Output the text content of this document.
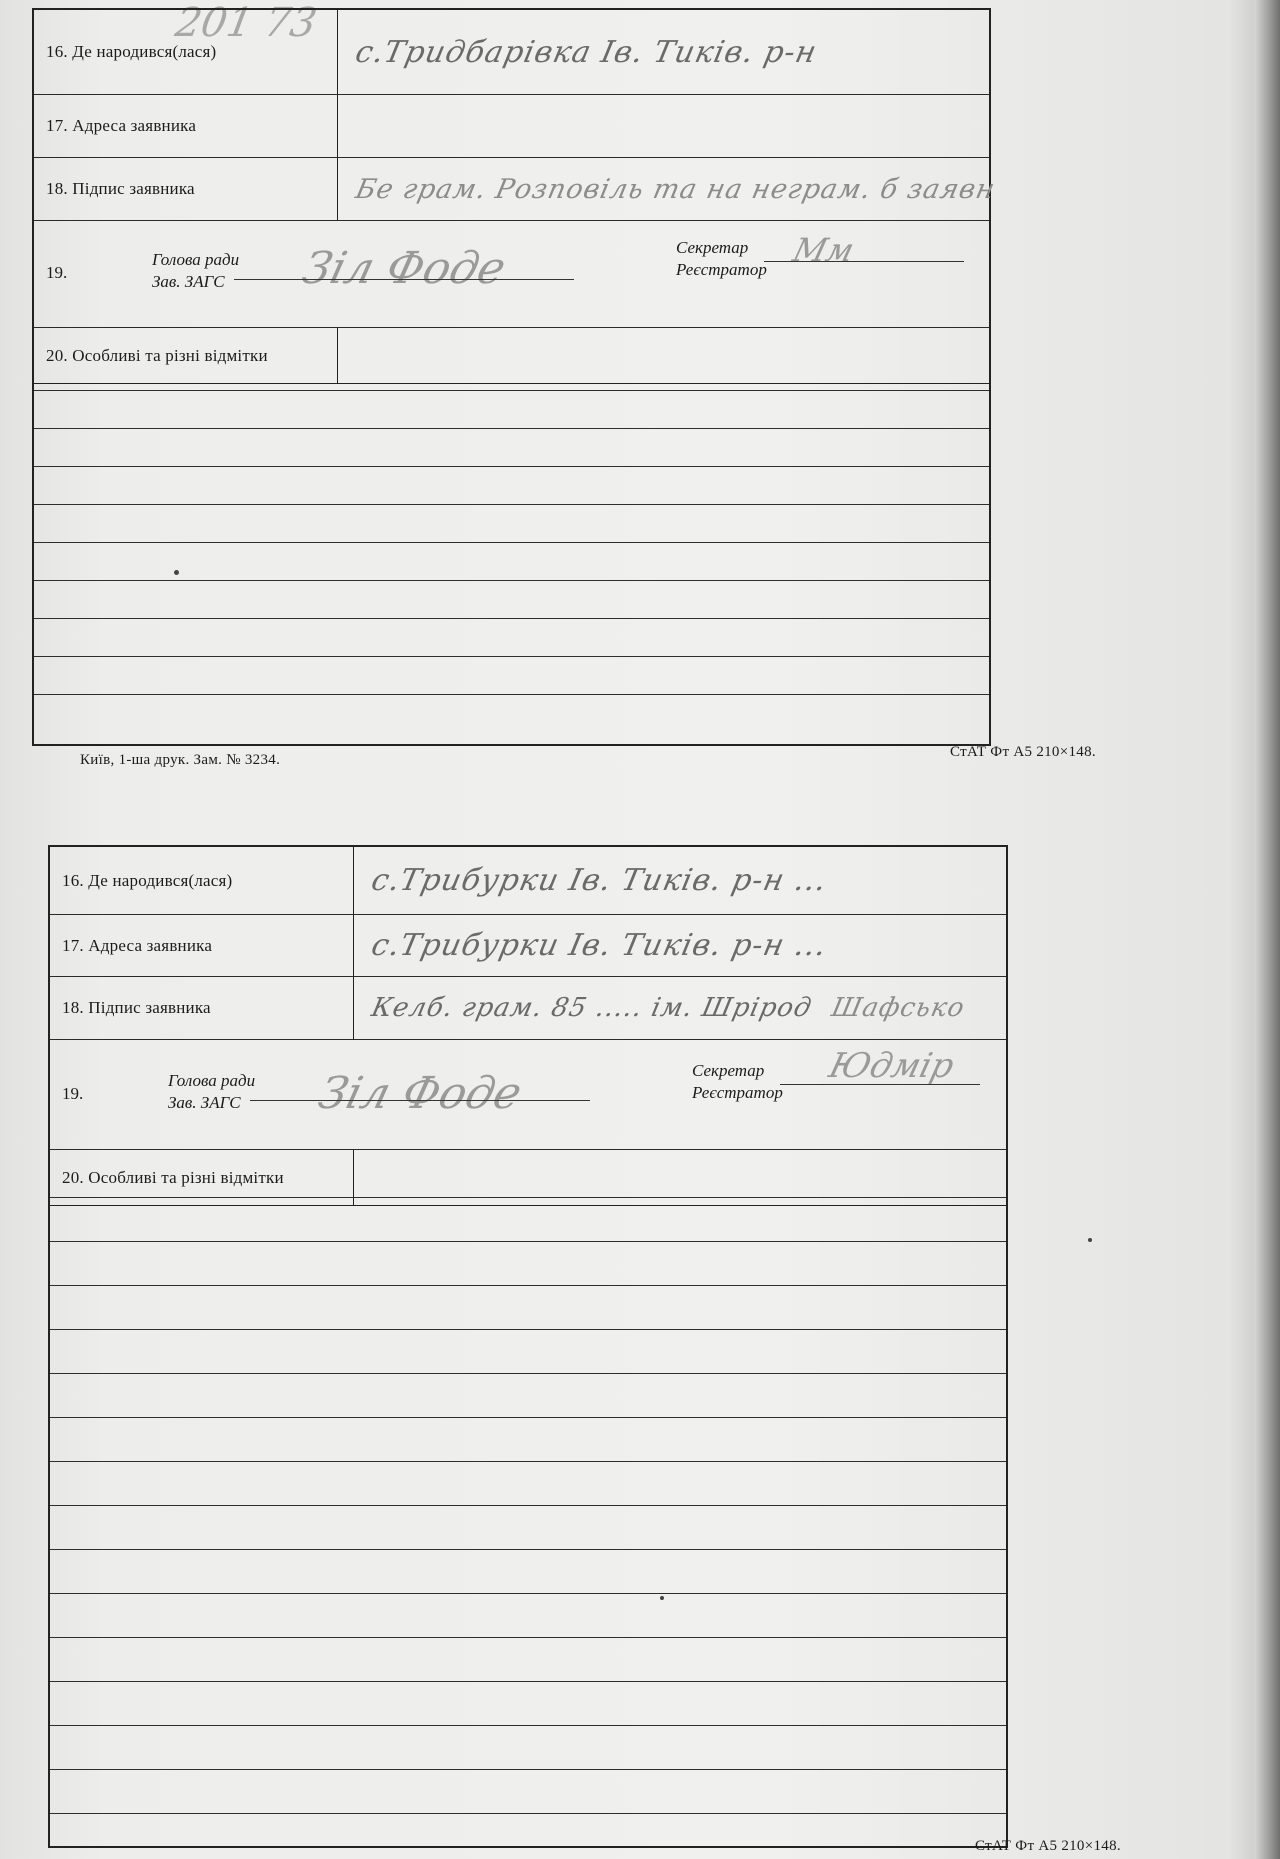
201 73
16. Де народився(лася)	с.Тридбарівка Ів. Тиків. р-н
17. Адреса заявника
18. Підпис заявника	Бе грам. Розповіль та на неграм. б заявн
19.
Голова ради
Зав. ЗАГС Зіл Фоде	Секретар
Реєстратор
Мм
20. Особливі та різні відмітки
Київ, 1-ша друк. Зам. № 3234.	СтАТ Фт А5 210×148.
16. Де народився(лася)	с.Трибурки Ів. Тиків. р-н ...
17. Адреса заявника	с.Трибурки Ів. Тиків. р-н ...
18. Підпис заявника	Келб. грам. 85 ..... ім. Шрірод Шафсько
19.
Голова ради
Зав. ЗАГС Зіл Фоде	Секретар
Реєстратор
Юдмір
20. Особливі та різні відмітки
СтАТ Фт А5 210×148.
